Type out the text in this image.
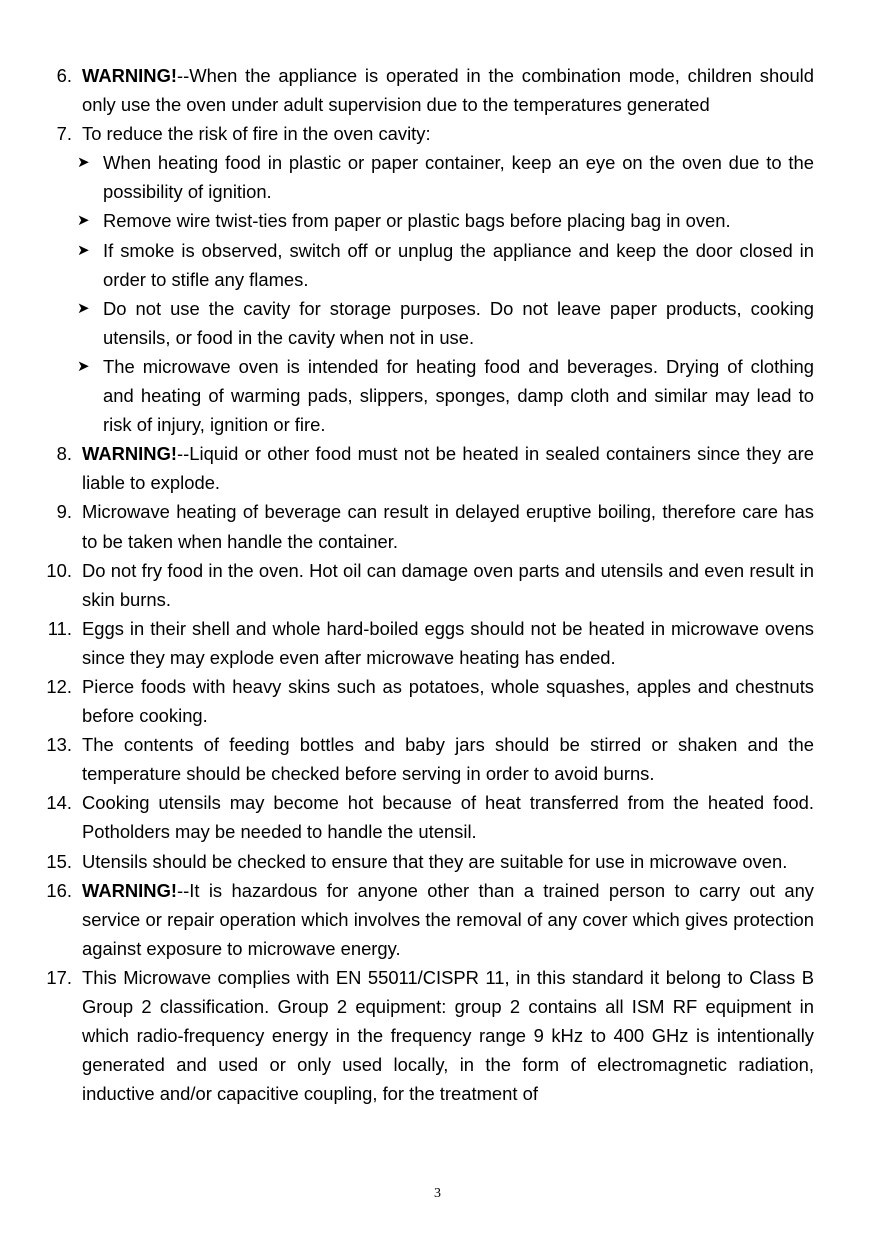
6. WARNING!--When the appliance is operated in the combination mode, children should only use the oven under adult supervision due to the temperatures generated
7. To reduce the risk of fire in the oven cavity:
➤ When heating food in plastic or paper container, keep an eye on the oven due to the possibility of ignition.
➤ Remove wire twist-ties from paper or plastic bags before placing bag in oven.
➤ If smoke is observed, switch off or unplug the appliance and keep the door closed in order to stifle any flames.
➤ Do not use the cavity for storage purposes. Do not leave paper products, cooking utensils, or food in the cavity when not in use.
➤ The microwave oven is intended for heating food and beverages. Drying of clothing and heating of warming pads, slippers, sponges, damp cloth and similar may lead to risk of injury, ignition or fire.
8. WARNING!--Liquid or other food must not be heated in sealed containers since they are liable to explode.
9. Microwave heating of beverage can result in delayed eruptive boiling, therefore care has to be taken when handle the container.
10. Do not fry food in the oven. Hot oil can damage oven parts and utensils and even result in skin burns.
11. Eggs in their shell and whole hard-boiled eggs should not be heated in microwave ovens since they may explode even after microwave heating has ended.
12. Pierce foods with heavy skins such as potatoes, whole squashes, apples and chestnuts before cooking.
13. The contents of feeding bottles and baby jars should be stirred or shaken and the temperature should be checked before serving in order to avoid burns.
14. Cooking utensils may become hot because of heat transferred from the heated food. Potholders may be needed to handle the utensil.
15. Utensils should be checked to ensure that they are suitable for use in microwave oven.
16. WARNING!--It is hazardous for anyone other than a trained person to carry out any service or repair operation which involves the removal of any cover which gives protection against exposure to microwave energy.
17. This Microwave complies with EN 55011/CISPR 11, in this standard it belong to Class B Group 2 classification. Group 2 equipment: group 2 contains all ISM RF equipment in which radio-frequency energy in the frequency range 9 kHz to 400 GHz is intentionally generated and used or only used locally, in the form of electromagnetic radiation, inductive and/or capacitive coupling, for the treatment of
3
